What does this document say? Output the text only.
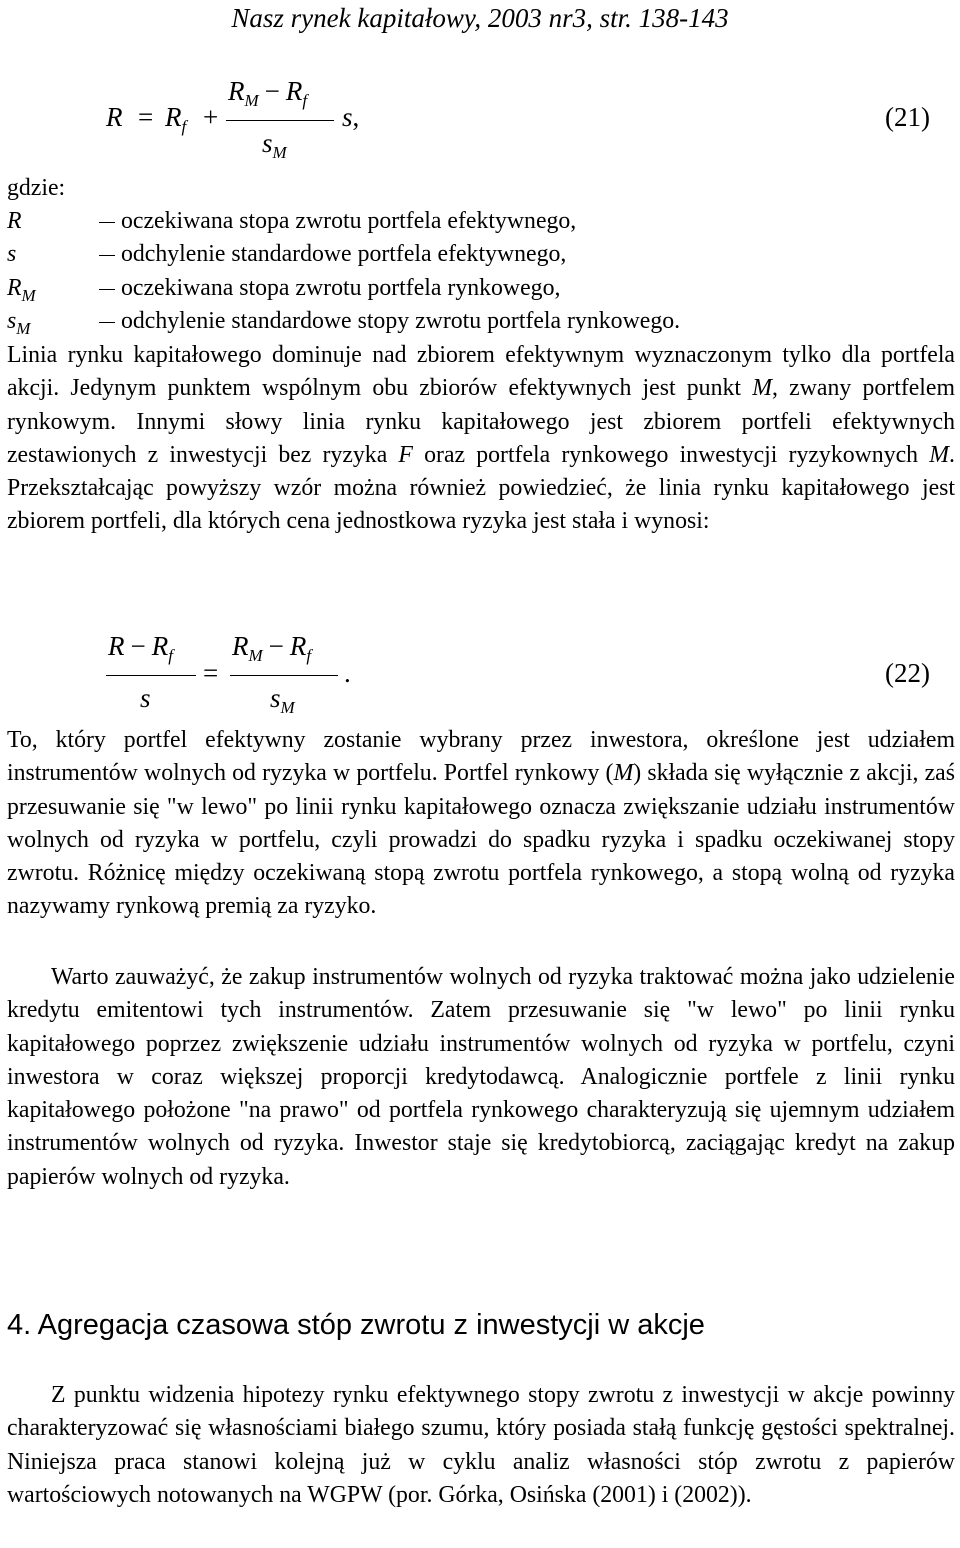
Nasz rynek kapitałowy, 2003 nr3, str. 138-143
$R = R_f$ +
$R_M - R_f$
$s_M$
s,	(21)
gdzie:
R	oczekiwana stopa zwrotu portfela efektywnego,
s	odchylenie standardowe portfela efektywnego,
$R_M$	oczekiwana stopa zwrotu portfela rynkowego,
$s_M$	odchylenie standardowe stopy zwrotu portfela rynkowego.

Linia rynku kapitałowego dominuje nad zbiorem efektywnym wyznaczonym tylko dla portfela akcji. Jedynym punktem wspólnym obu zbiorów efektywnych jest punkt M, zwany portfelem rynkowym. Innymi słowy linia rynku kapitałowego jest zbiorem portfeli efektywnych zestawionych z inwestycji bez ryzyka F oraz portfela rynkowego inwestycji ryzykownych M. Przekształcając powyższy wzór można również powiedzieć, że linia rynku kapitałowego jest zbiorem portfeli, dla których cena jednostkowa ryzyka jest stała i wynosi:

$R - R_f$
s
=
$R_M - R_f$
$s_M$
.	(22)

To, który portfel efektywny zostanie wybrany przez inwestora, określone jest udziałem instrumentów wolnych od ryzyka w portfelu. Portfel rynkowy (M) składa się wyłącznie z akcji, zaś przesuwanie się "w lewo" po linii rynku kapitałowego oznacza zwiększanie udziału instrumentów wolnych od ryzyka w portfelu, czyli prowadzi do spadku ryzyka i spadku oczekiwanej stopy zwrotu. Różnicę między oczekiwaną stopą zwrotu portfela rynkowego, a stopą wolną od ryzyka nazywamy rynkową premią za ryzyko.

Warto zauważyć, że zakup instrumentów wolnych od ryzyka traktować można jako udzielenie kredytu emitentowi tych instrumentów. Zatem przesuwanie się "w lewo" po linii rynku kapitałowego poprzez zwiększenie udziału instrumentów wolnych od ryzyka w portfelu, czyni inwestora w coraz większej proporcji kredytodawcą. Analogicznie portfele z linii rynku kapitałowego położone "na prawo" od portfela rynkowego charakteryzują się ujemnym udziałem instrumentów wolnych od ryzyka. Inwestor staje się kredytobiorcą, zaciągając kredyt na zakup papierów wolnych od ryzyka.

4. Agregacja czasowa stóp zwrotu z inwestycji w akcje

Z punktu widzenia hipotezy rynku efektywnego stopy zwrotu z inwestycji w akcje powinny charakteryzować się własnościami białego szumu, który posiada stałą funkcję gęstości spektralnej. Niniejsza praca stanowi kolejną już w cyklu analiz własności stóp zwrotu z papierów wartościowych notowanych na WGPW (por. Górka, Osińska (2001) i (2002)).
